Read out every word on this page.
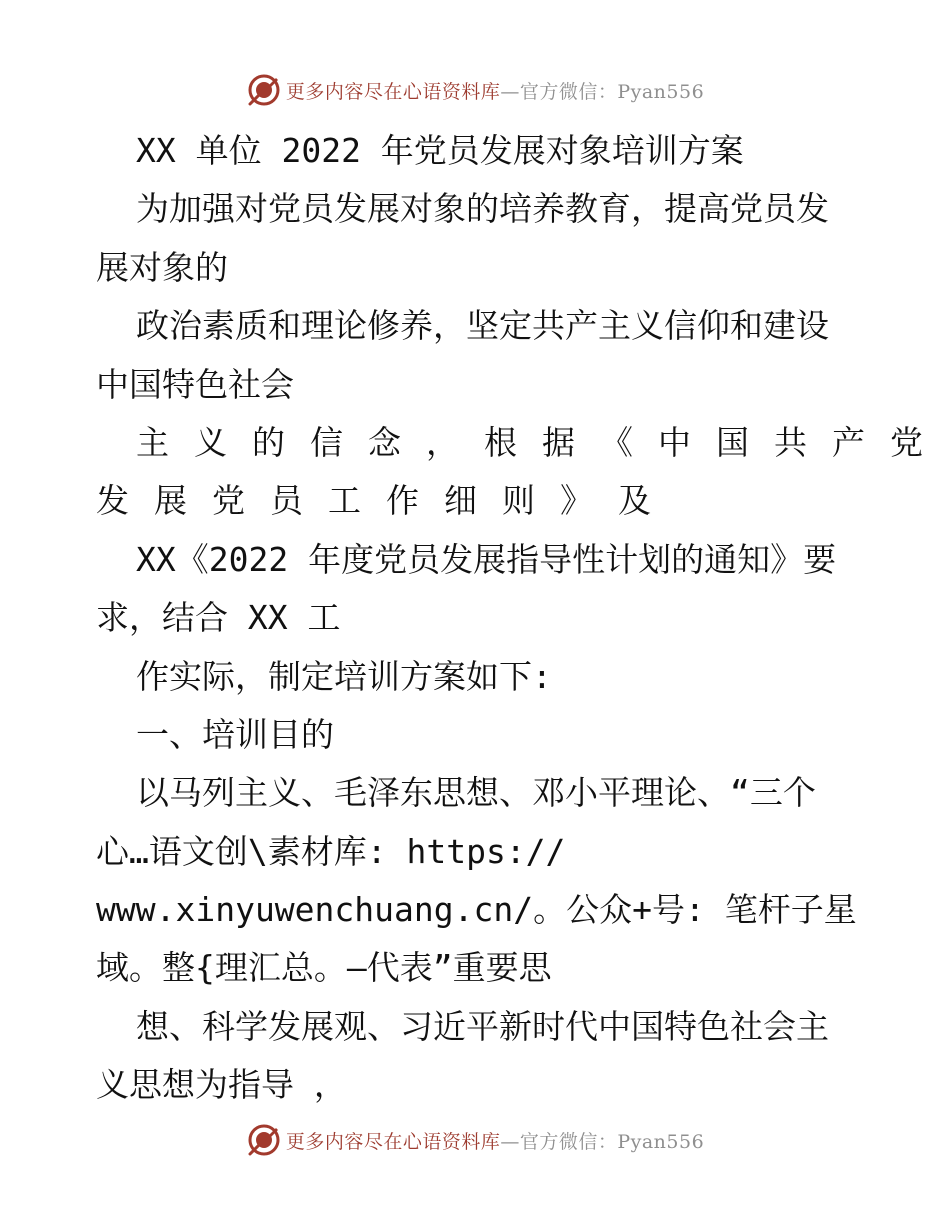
更多内容尽在心语资料库—官方微信：Pyan556
XX 单位 2022 年党员发展对象培训方案
为加强对党员发展对象的培养教育，提高党员发
展对象的
政治素质和理论修养，坚定共产主义信仰和建设
中国特色社会
主义的信念，根据《中国共产党
发展党员工作细则》及
XX《2022 年度党员发展指导性计划的通知》要
求，结合 XX 工
作实际，制定培训方案如下:
一、培训目的
以马列主义、毛泽东思想、邓小平理论、“三个
心…语文创\素材库: https://
www.xinyuwenchuang.cn/。公众+号: 笔杆子星
域。整{理汇总。—代表”重要思
想、科学发展观、习近平新时代中国特色社会主
义思想为指导 ，
更多内容尽在心语资料库—官方微信：Pyan556
